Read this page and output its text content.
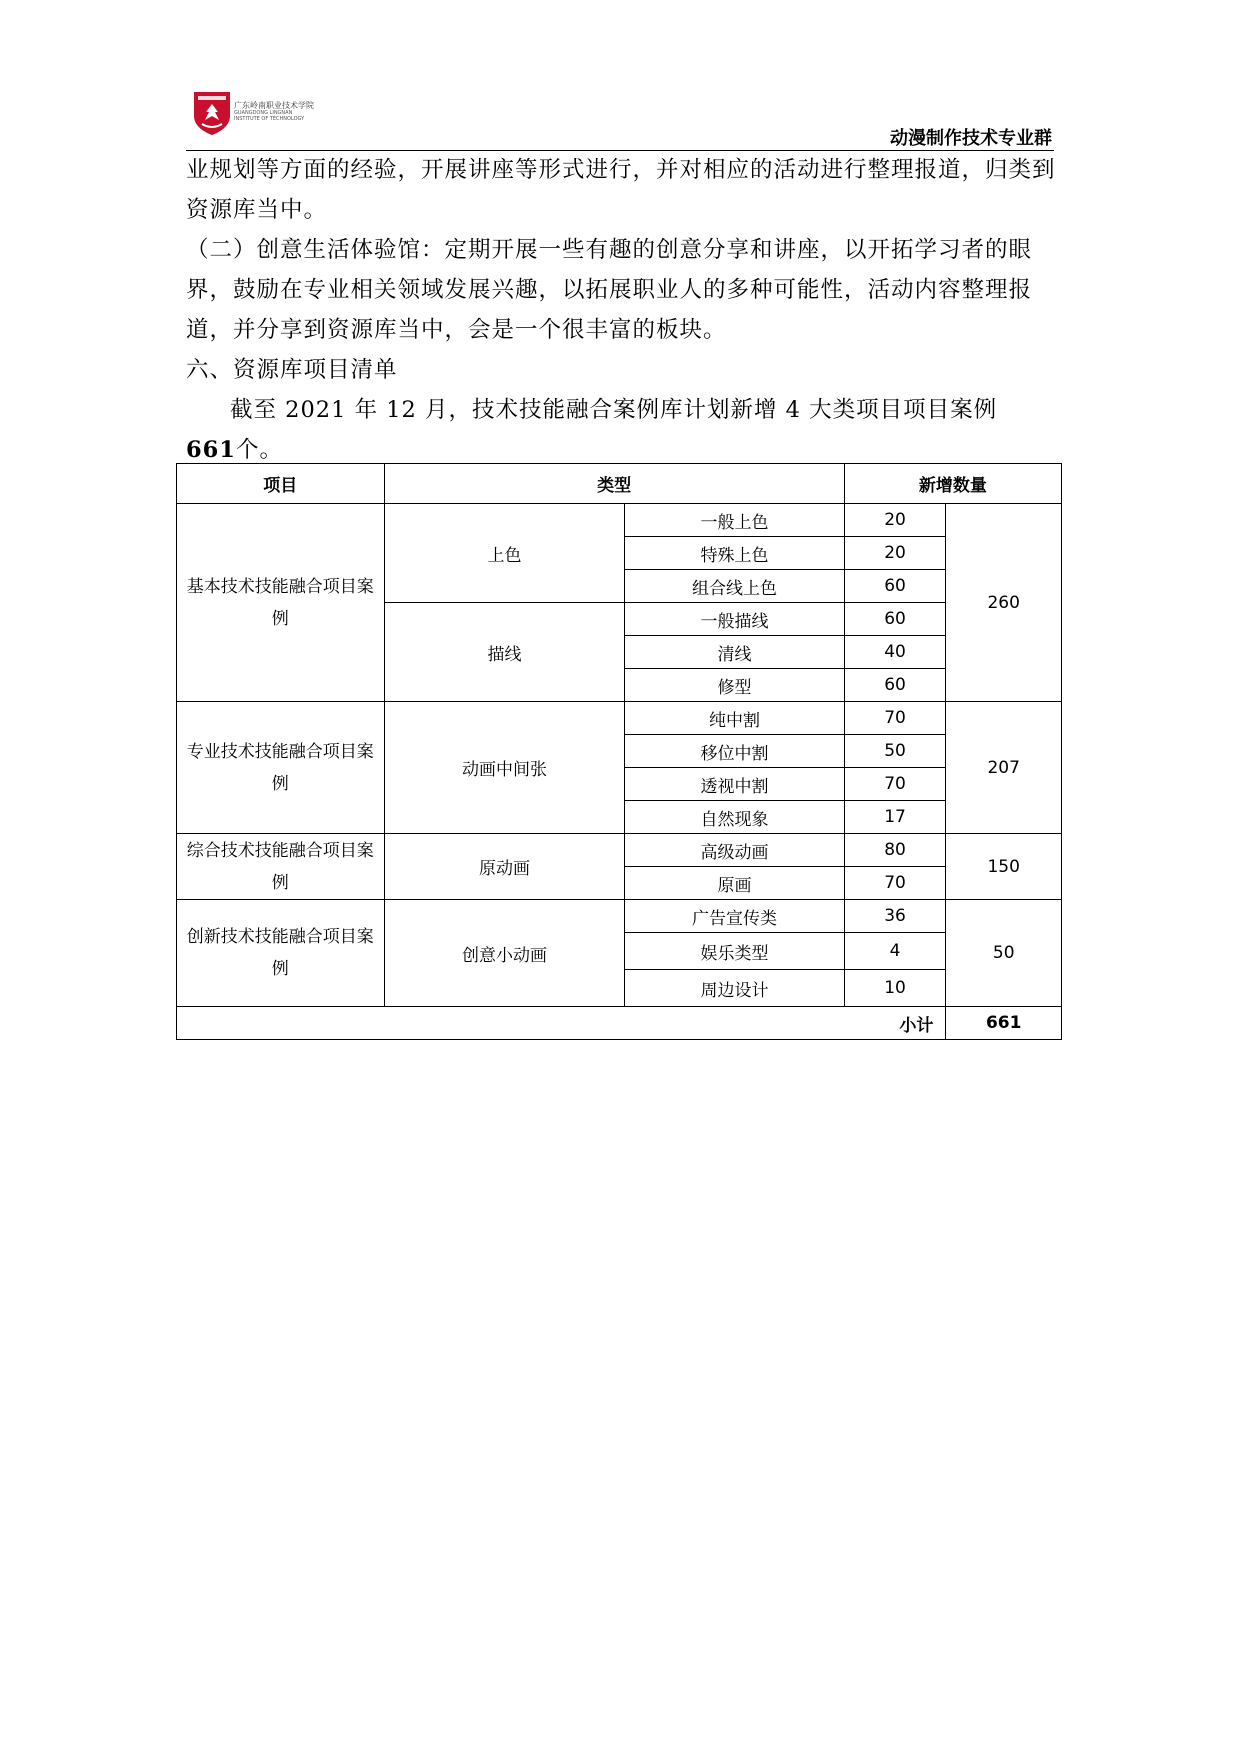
广东岭南职业技术学院
GUANGDONG LINGNAN
INSTITUTE OF TECHNOLOGY
动漫制作技术专业群

业规划等方面的经验，开展讲座等形式进行，并对相应的活动进行整理报道，归类到资源库当中。

（二）创意生活体验馆：定期开展一些有趣的创意分享和讲座，以开拓学习者的眼界，鼓励在专业相关领域发展兴趣，以拓展职业人的多种可能性，活动内容整理报道，并分享到资源库当中，会是一个很丰富的板块。

六、资源库项目清单

截至 2021 年 12 月，技术技能融合案例库计划新增 4 大类项目项目案例
661个。

项目	类型		新增数量	
基本技术技能融合项目案例	上色	一般上色	20	260
		特殊上色	20	
		组合线上色	60	
	描线	一般描线	60	
		清线	40	
		修型	60	
专业技术技能融合项目案例	动画中间张	纯中割	70	207
		移位中割	50	
		透视中割	70	
		自然现象	17	
综合技术技能融合项目案例	原动画	高级动画	80	150
		原画	70	
创新技术技能融合项目案例	创意小动画	广告宣传类	36	50
		娱乐类型	4	
		周边设计	10	
小计				661
